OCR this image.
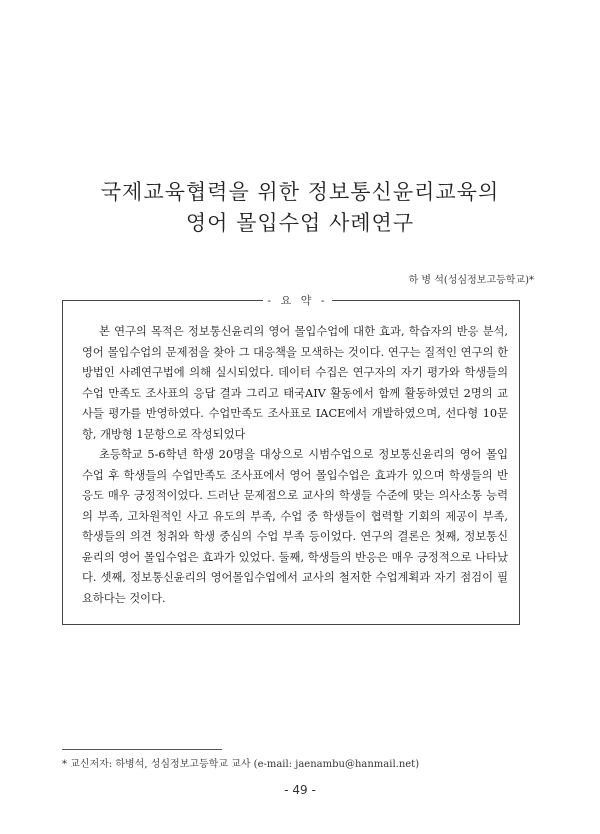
국제교육협력을 위한 정보통신윤리교육의
영어 몰입수업 사례연구
하 병 석(성심정보고등학교)*
- 요 약 -

본 연구의 목적은 정보통신윤리의 영어 몰입수업에 대한 효과, 학습자의 반응 분석, 영어 몰입수업의 문제점을 찾아 그 대응책을 모색하는 것이다. 연구는 질적인 연구의 한 방법인 사례연구법에 의해 실시되었다. 데이터 수집은 연구자의 자기 평가와 학생들의 수업 만족도 조사표의 응답 결과 그리고 태국AIV 활동에서 함께 활동하였던 2명의 교사들 평가를 반영하였다. 수업만족도 조사표로 IACE에서 개발하였으며, 선다형 10문항, 개방형 1문항으로 작성되었다

초등학교 5-6학년 학생 20명을 대상으로 시범수업으로 정보통신윤리의 영어 몰입수업 후 학생들의 수업만족도 조사표에서 영어 몰입수업은 효과가 있으며 학생들의 반응도 매우 긍정적이었다. 드러난 문제점으로 교사의 학생들 수준에 맞는 의사소통 능력의 부족, 고차원적인 사고 유도의 부족, 수업 중 학생들이 협력할 기회의 제공이 부족, 학생들의 의견 청취와 학생 중심의 수업 부족 등이었다. 연구의 결론은 첫째, 정보통신윤리의 영어 몰입수업은 효과가 있었다. 둘째, 학생들의 반응은 매우 긍정적으로 나타났다. 셋째, 정보통신윤리의 영어몰입수업에서 교사의 철저한 수업계획과 자기 점검이 필요하다는 것이다.

* 교신저자: 하병석, 성심정보고등학교 교사 (e-mail: jaenambu@hanmail.net)
- 49 -
